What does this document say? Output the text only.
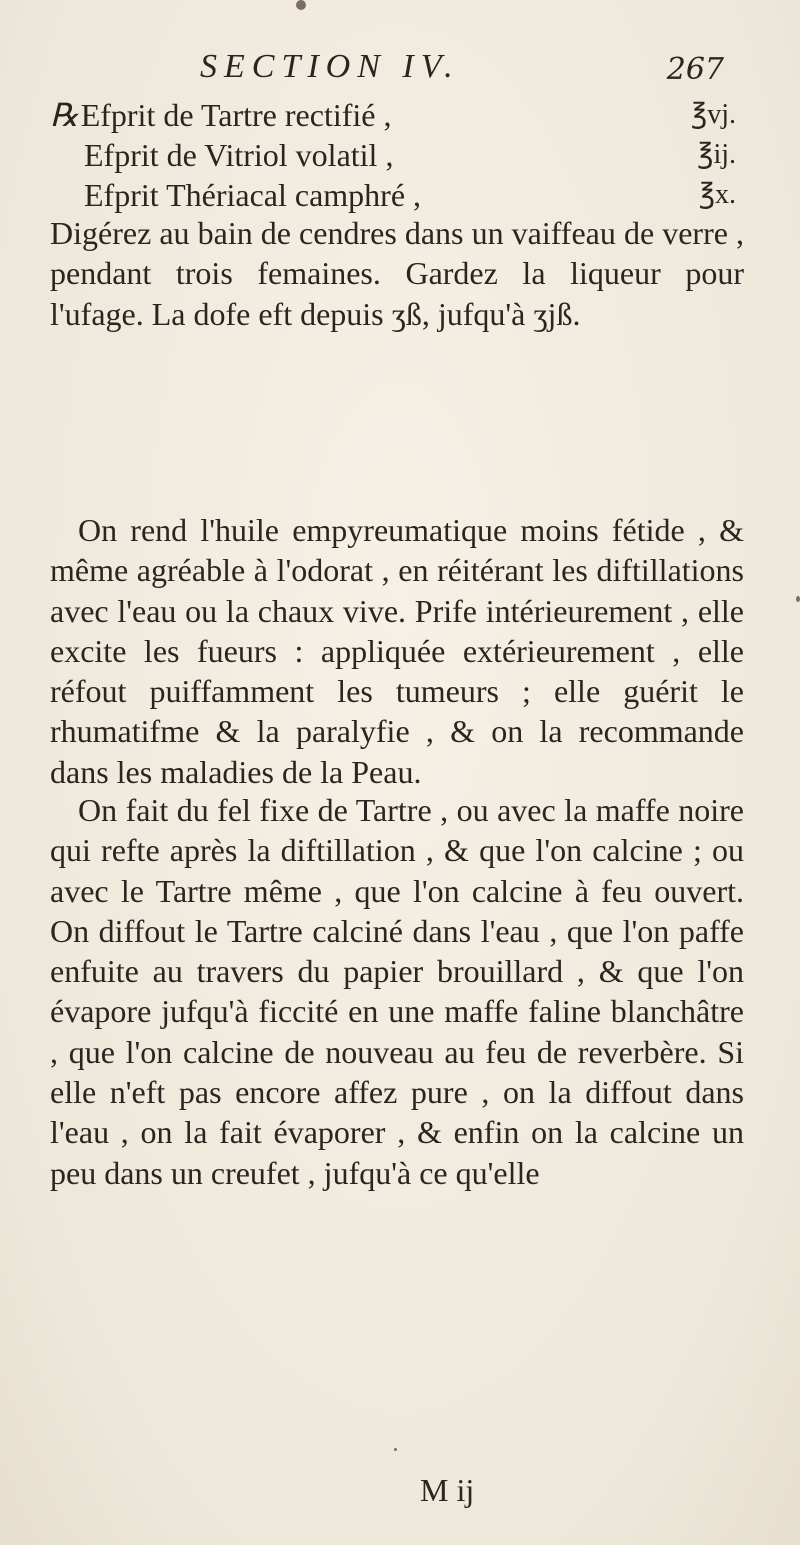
SECTION IV.	267
℞Efprit de Tartre rectifié ,	℥vj.
Efprit de Vitriol volatil ,	℥ij.
Efprit Thériacal camphré ,	℥x.

Digérez au bain de cendres dans un vaiffeau de verre , pendant trois femaines. Gardez la liqueur pour l'ufage. La dofe eft depuis ʒß, jufqu'à ʒjß.

On rend l'huile empyreumatique moins fétide , & même agréable à l'odorat , en réitérant les diftillations avec l'eau ou la chaux vive. Prife intérieurement , elle excite les fueurs : appliquée extérieurement , elle réfout puiffamment les tumeurs ; elle guérit le rhumatifme & la paralyfie , & on la recommande dans les maladies de la Peau.

On fait du fel fixe de Tartre , ou avec la maffe noire qui refte après la diftillation , & que l'on calcine ; ou avec le Tartre même , que l'on calcine à feu ouvert. On diffout le Tartre calciné dans l'eau , que l'on paffe enfuite au travers du papier brouillard , & que l'on évapore jufqu'à ficcité en une maffe faline blanchâtre , que l'on calcine de nouveau au feu de reverbère. Si elle n'eft pas encore affez pure , on la diffout dans l'eau , on la fait évaporer , & enfin on la calcine un peu dans un creufet , jufqu'à ce qu'elle

M ij
